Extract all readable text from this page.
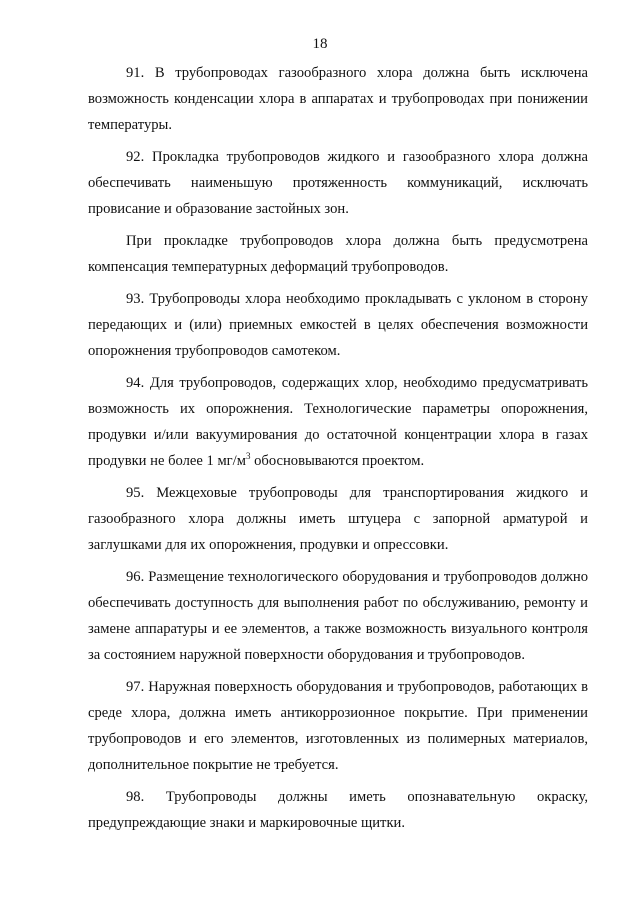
18

91. В трубопроводах газообразного хлора должна быть исключена возможность конденсации хлора в аппаратах и трубопроводах при понижении температуры.

92. Прокладка трубопроводов жидкого и газообразного хлора должна обеспечивать наименьшую протяженность коммуникаций, исключать провисание и образование застойных зон.

При прокладке трубопроводов хлора должна быть предусмотрена компенсация температурных деформаций трубопроводов.

93. Трубопроводы хлора необходимо прокладывать с уклоном в сторону передающих и (или) приемных емкостей в целях обеспечения возможности опорожнения трубопроводов самотеком.

94. Для трубопроводов, содержащих хлор, необходимо предусматривать возможность их опорожнения. Технологические параметры опорожнения, продувки и/или вакуумирования до остаточной концентрации хлора в газах продувки не более 1 $мг/м^3$ обосновываются проектом.

95. Межцеховые трубопроводы для транспортирования жидкого и газообразного хлора должны иметь штуцера с запорной арматурой и заглушками для их опорожнения, продувки и опрессовки.

96. Размещение технологического оборудования и трубопроводов должно обеспечивать доступность для выполнения работ по обслуживанию, ремонту и замене аппаратуры и ее элементов, а также возможность визуального контроля за состоянием наружной поверхности оборудования и трубопроводов.

97. Наружная поверхность оборудования и трубопроводов, работающих в среде хлора, должна иметь антикоррозионное покрытие. При применении трубопроводов и его элементов, изготовленных из полимерных материалов, дополнительное покрытие не требуется.

98. Трубопроводы должны иметь опознавательную окраску, предупреждающие знаки и маркировочные щитки.
